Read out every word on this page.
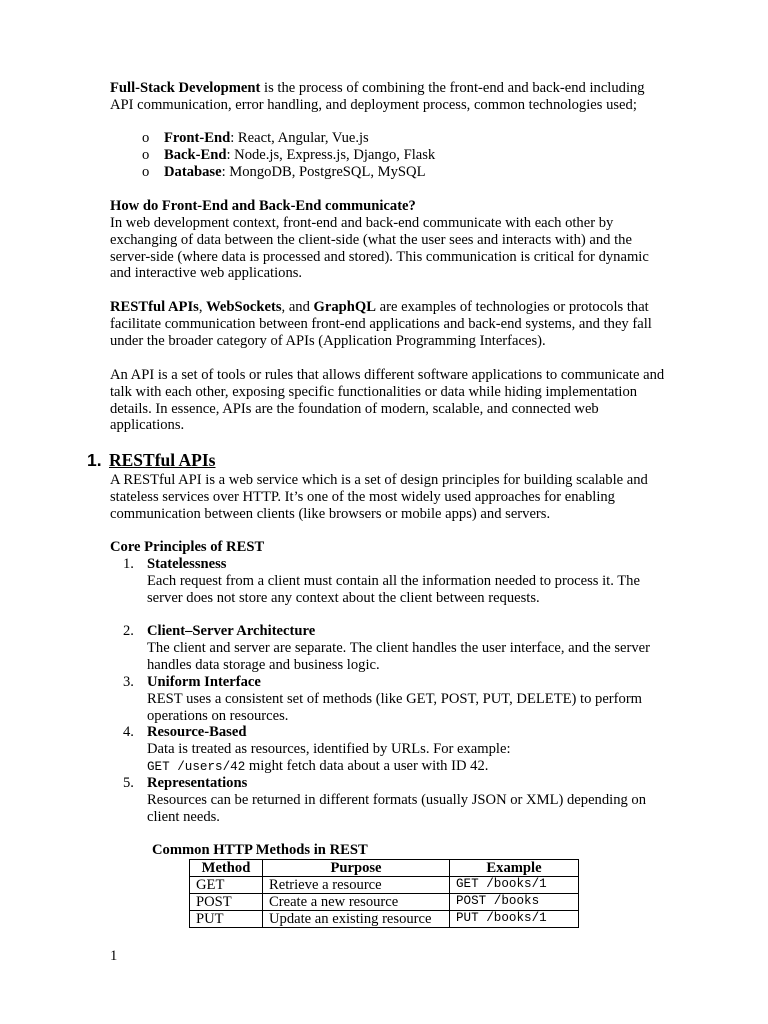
Full-Stack Development is the process of combining the front-end and back-end including API communication, error handling, and deployment process, common technologies used;

o Front-End: React, Angular, Vue.js

o Back-End: Node.js, Express.js, Django, Flask

o Database: MongoDB, PostgreSQL, MySQL

How do Front-End and Back-End communicate?

In web development context, front-end and back-end communicate with each other by exchanging of data between the client-side (what the user sees and interacts with) and the server-side (where data is processed and stored). This communication is critical for dynamic and interactive web applications.

RESTful APIs, WebSockets, and GraphQL are examples of technologies or protocols that facilitate communication between front-end applications and back-end systems, and they fall under the broader category of APIs (Application Programming Interfaces).

An API is a set of tools or rules that allows different software applications to communicate and talk with each other, exposing specific functionalities or data while hiding implementation details. In essence, APIs are the foundation of modern, scalable, and connected web applications.

1. RESTful APIs

A RESTful API is a web service which is a set of design principles for building scalable and stateless services over HTTP. It’s one of the most widely used approaches for enabling communication between clients (like browsers or mobile apps) and servers.

Core Principles of REST

1. Statelessness
Each request from a client must contain all the information needed to process it. The server does not store any context about the client between requests.
2. Client–Server Architecture
The client and server are separate. The client handles the user interface, and the server handles data storage and business logic.
3. Uniform Interface
REST uses a consistent set of methods (like GET, POST, PUT, DELETE) to perform operations on resources.
4. Resource-Based
Data is treated as resources, identified by URLs. For example:
GET /users/42 might fetch data about a user with ID 42.
5. Representations
Resources can be returned in different formats (usually JSON or XML) depending on client needs.
Common HTTP Methods in REST
Method	Purpose	Example
GET	Retrieve a resource	GET /books/1
POST	Create a new resource	POST /books
PUT	Update an existing resource	PUT /books/1
1
